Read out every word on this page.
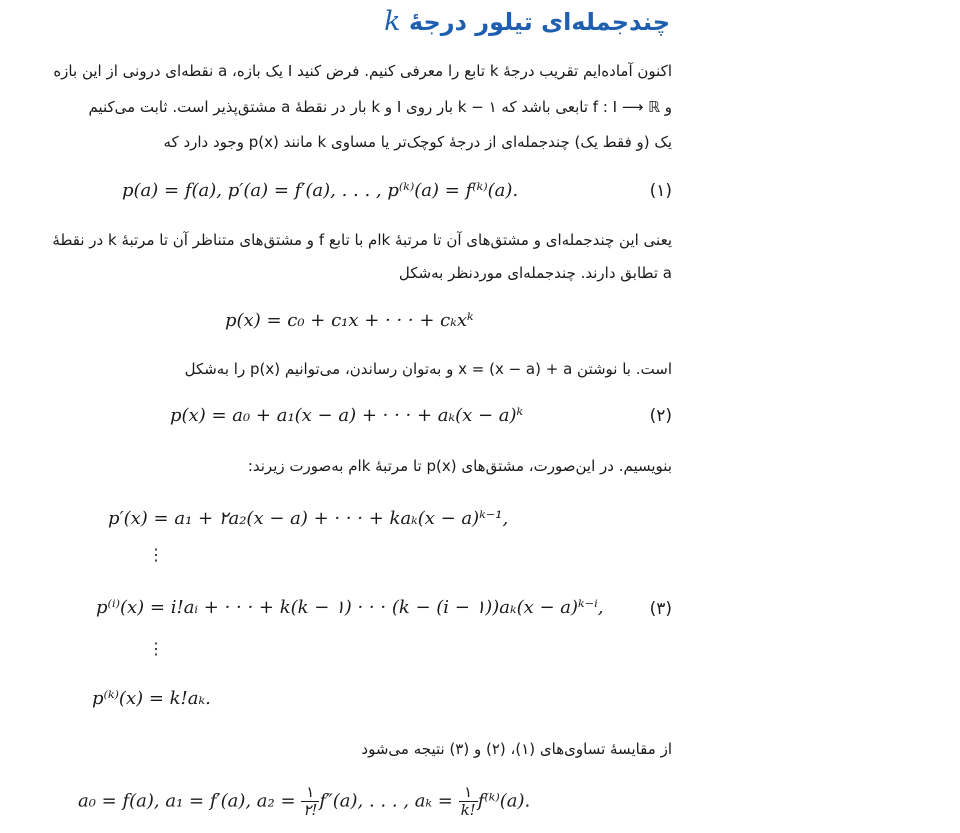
چندجمله‌ای تیلور درجهٔ k
اکنون آماده‌ایم تقریب درجهٔ k تابع را معرفی کنیم. فرض کنید I یک بازه، a نقطه‌ای درونی از این بازه
و f : I ⟶ ℝ تابعی باشد که k − ۱ بار روی I و k بار در نقطهٔ a مشتق‌پذیر است. ثابت می‌کنیم
یک (و فقط یک) چندجمله‌ای از درجهٔ کوچک‌تر یا مساوی k مانند p(x) وجود دارد که
p(a) = f(a), p′(a) = f′(a), . . . , p⁽ᵏ⁾(a) = f⁽ᵏ⁾(a).	(۱)
یعنی این چندجمله‌ای و مشتق‌های آن تا مرتبهٔ kام با تابع f و مشتق‌های متناظر آن تا مرتبهٔ k در نقطهٔ
a تطابق دارند. چندجمله‌ای موردنظر به‌شکل
p(x) = c₀ + c₁x + · · · + cₖxᵏ
است. با نوشتن x = (x − a) + a و به‌توان رساندن، می‌توانیم p(x) را به‌شکل
p(x) = a₀ + a₁(x − a) + · · · + aₖ(x − a)ᵏ	(۲)
بنویسیم. در این‌صورت، مشتق‌های p(x) تا مرتبهٔ kام به‌صورت زیرند:
p′(x) = a₁ + ۲a₂(x − a) + · · · + kaₖ(x − a)ᵏ⁻¹,
⋮
p⁽ⁱ⁾(x) = i!aᵢ + · · · + k(k − ۱) · · · (k − (i − ۱))aₖ(x − a)ᵏ⁻ⁱ,	(۳)
⋮
p⁽ᵏ⁾(x) = k!aₖ.
از مقایسهٔ تساوی‌های (۱)، (۲) و (۳) نتیجه می‌شود
a₀ = f(a), a₁ = f′(a), $a_2 = \frac{۱}{۲!} f''(a)$, . . . , $a_k = \frac{۱}{k!}$ f⁽ᵏ⁾(a).
